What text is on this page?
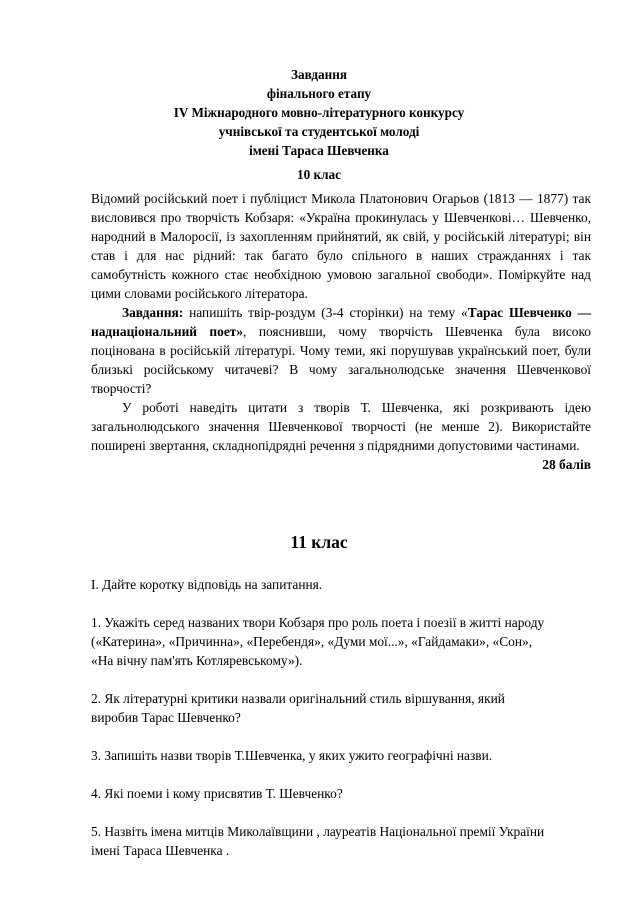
Завдання
фінального етапу
IV Міжнародного мовно-літературного конкурсу
учнівської та студентської молоді
імені Тараса Шевченка
10 клас

Відомий російський поет і публіцист Микола Платонович Огарьов (1813 — 1877) так висловився про творчість Кобзаря: «Україна прокинулась у Шевченкові… Шевченко, народний в Малоросії, із захопленням прийнятий, як свій, у російській літературі; він став і для нас рідний: так багато було спільного в наших стражданнях і так самобутність кожного стає необхідною умовою загальної свободи». Поміркуйте над цими словами російського літератора.

Завдання: напишіть твір-роздум (3-4 сторінки) на тему «Тарас Шевченко — наднаціональний поет», пояснивши, чому творчість Шевченка була високо поцінована в російській літературі. Чому теми, які порушував український поет, були близькі російському читачеві? В чому загальнолюдське значення Шевченкової творчості?

У роботі наведіть цитати з творів Т. Шевченка, які розкривають ідею загальнолюдського значення Шевченкової творчості (не менше 2). Використайте поширені звертання, складнопідрядні речення з підрядними допустовими частинами.

28 балів

11 клас

І. Дайте коротку відповідь на запитання.

1. Укажіть серед названих твори Кобзаря про роль поета і поезії в житті народу

(«Катерина», «Причинна», «Перебендя», «Думи мої...», «Гайдамаки», «Сон»,

«На вічну пам'ять Котляревському»).

2. Як літературні критики назвали оригінальний стиль віршування, який

виробив Тарас Шевченко?

3. Запишіть назви творів Т.Шевченка, у яких ужито географічні назви.

4. Які поеми і кому присвятив Т. Шевченко?

5. Назвіть імена митців Миколаївщини , лауреатів Національної премії України

імені Тараса Шевченка .
